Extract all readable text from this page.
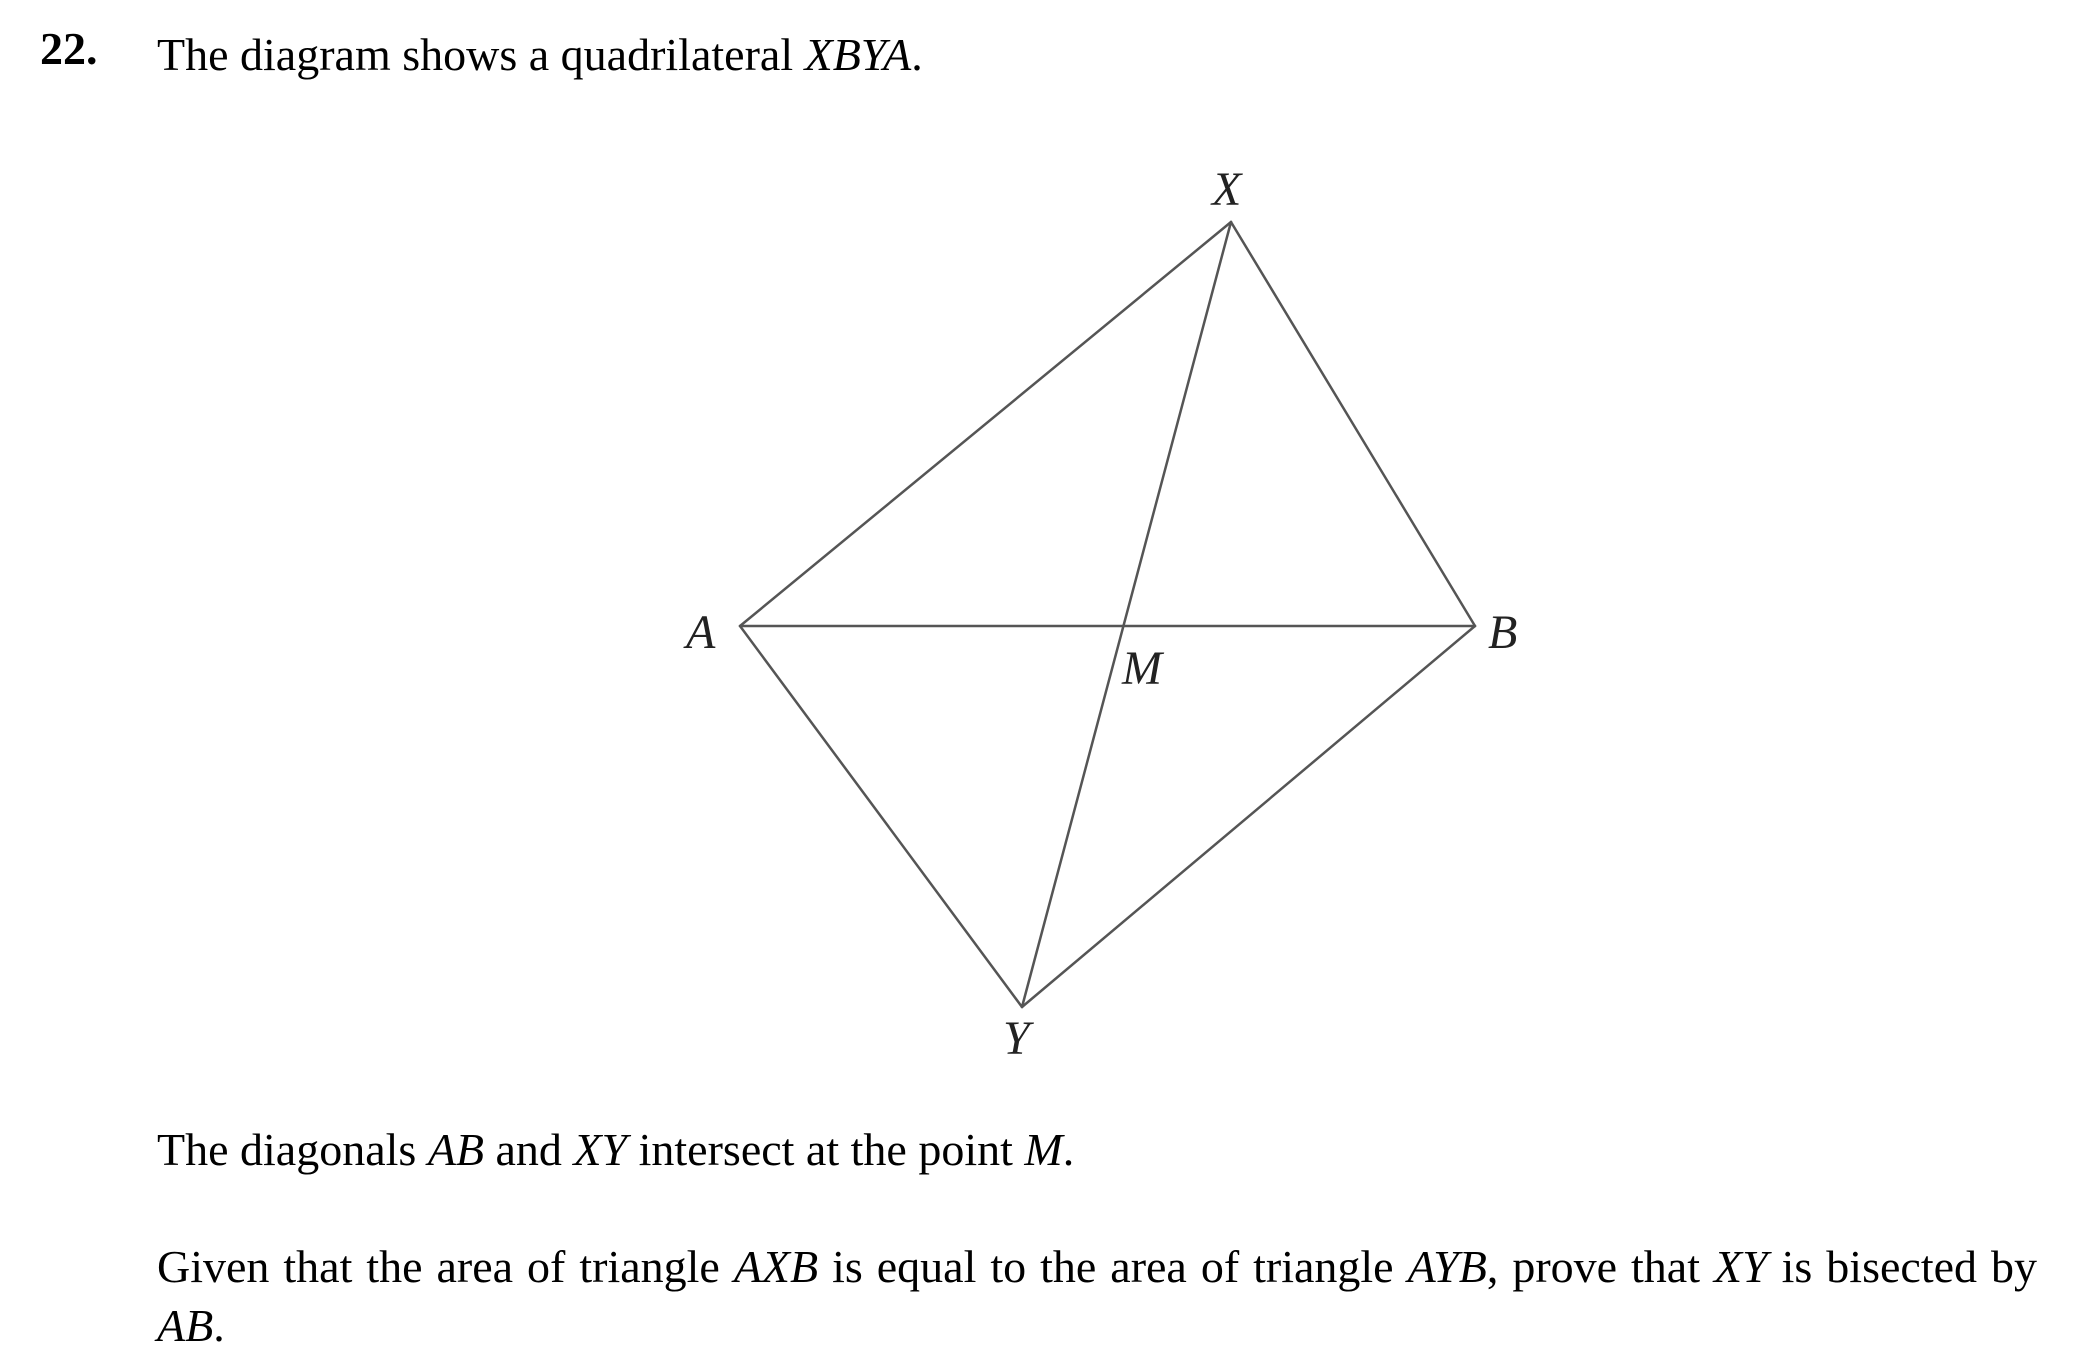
22. The diagram shows a quadrilateral XBYA.
X
A	B
Y
M
The diagonals AB and XY intersect at the point M.
Given that the area of triangle AXB is equal to the area of triangle AYB, prove that XY is bisected by AB.
